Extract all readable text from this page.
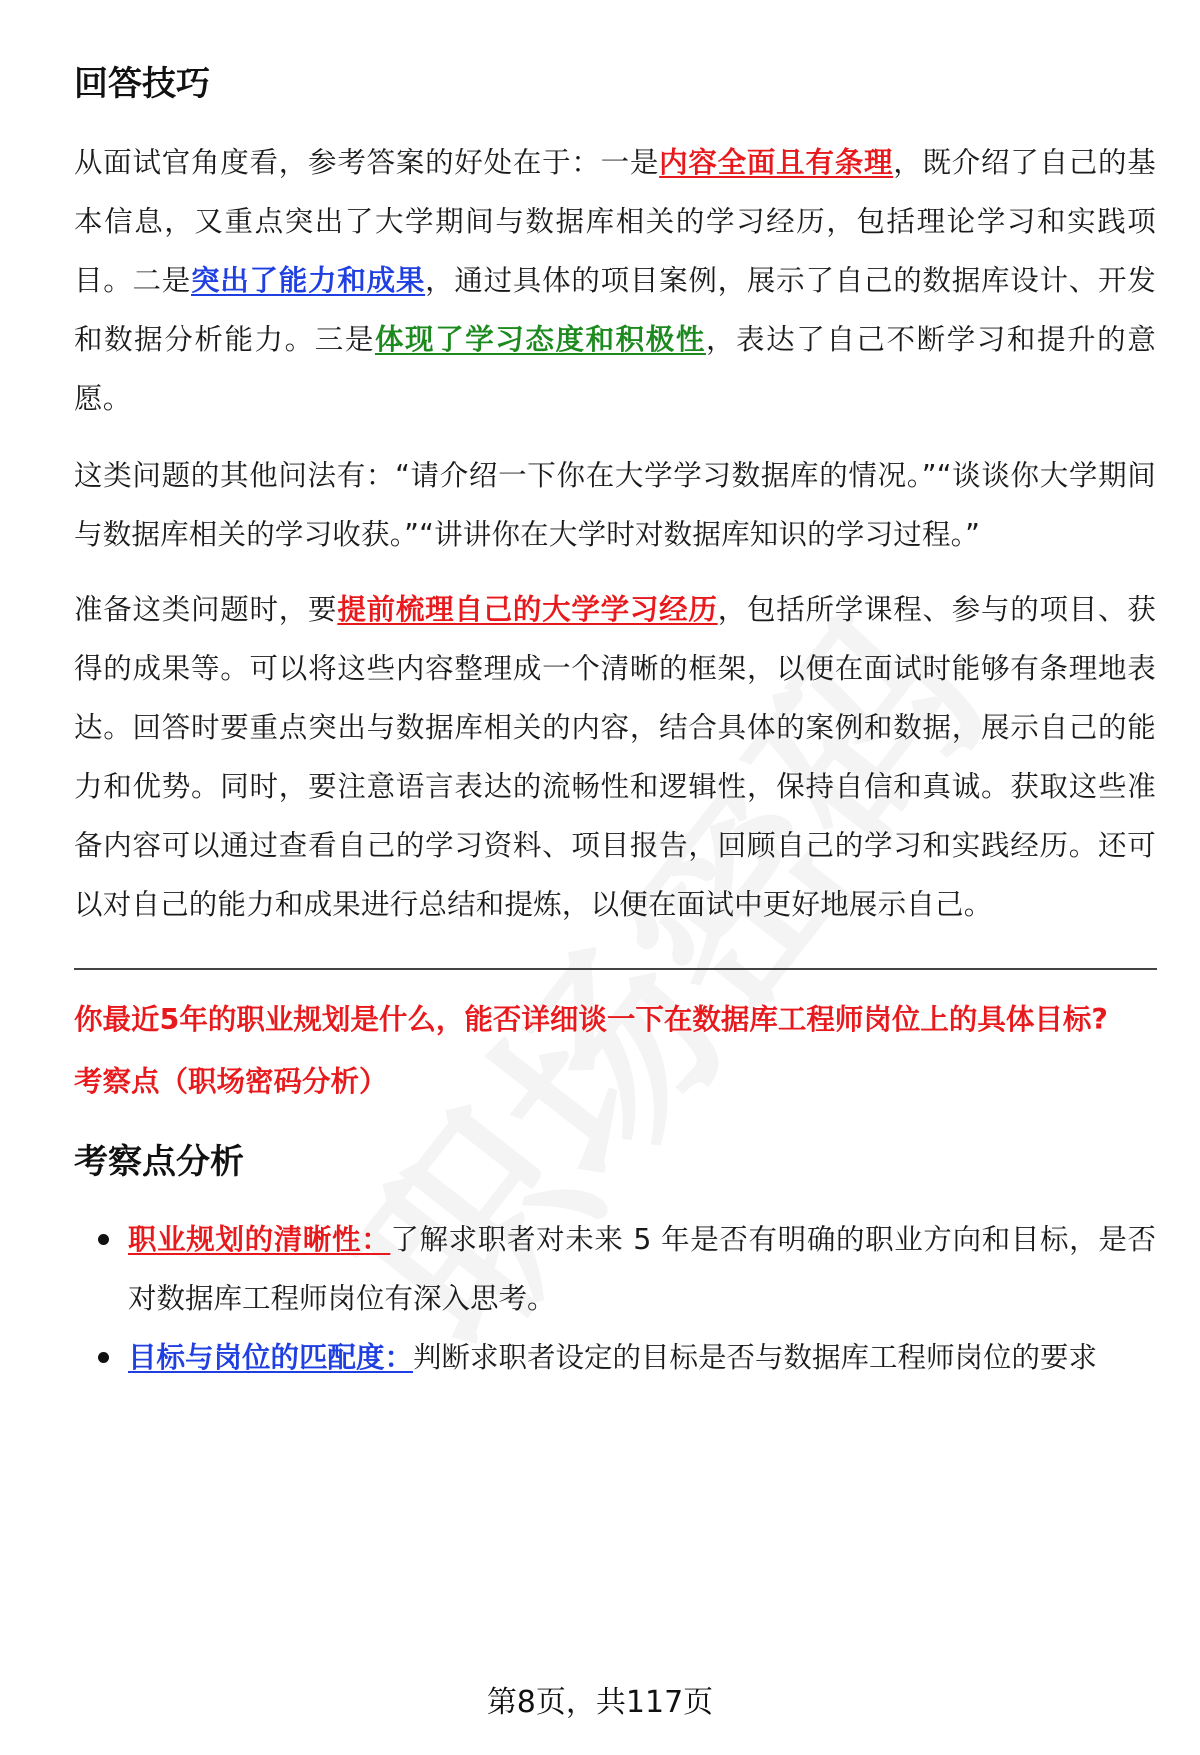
回答技巧

从面试官角度看，参考答案的好处在于：一是内容全面且有条理，既介绍了自己的基本信息，又重点突出了大学期间与数据库相关的学习经历，包括理论学习和实践项目。二是突出了能力和成果，通过具体的项目案例，展示了自己的数据库设计、开发和数据分析能力。三是体现了学习态度和积极性，表达了自己不断学习和提升的意愿。

这类问题的其他问法有：“请介绍一下你在大学学习数据库的情况。”“谈谈你大学期间与数据库相关的学习收获。”“讲讲你在大学时对数据库知识的学习过程。”

准备这类问题时，要提前梳理自己的大学学习经历，包括所学课程、参与的项目、获得的成果等。可以将这些内容整理成一个清晰的框架，以便在面试时能够有条理地表达。回答时要重点突出与数据库相关的内容，结合具体的案例和数据，展示自己的能力和优势。同时，要注意语言表达的流畅性和逻辑性，保持自信和真诚。获取这些准备内容可以通过查看自己的学习资料、项目报告，回顾自己的学习和实践经历。还可以对自己的能力和成果进行总结和提炼，以便在面试中更好地展示自己。

你最近5年的职业规划是什么，能否详细谈一下在数据库工程师岗位上的具体目标?

考察点（职场密码分析）

考察点分析
职业规划的清晰性：了解求职者对未来 5 年是否有明确的职业方向和目标，是否对数据库工程师岗位有深入思考。
目标与岗位的匹配度：判断求职者设定的目标是否与数据库工程师岗位的要求
第8页，共117页
